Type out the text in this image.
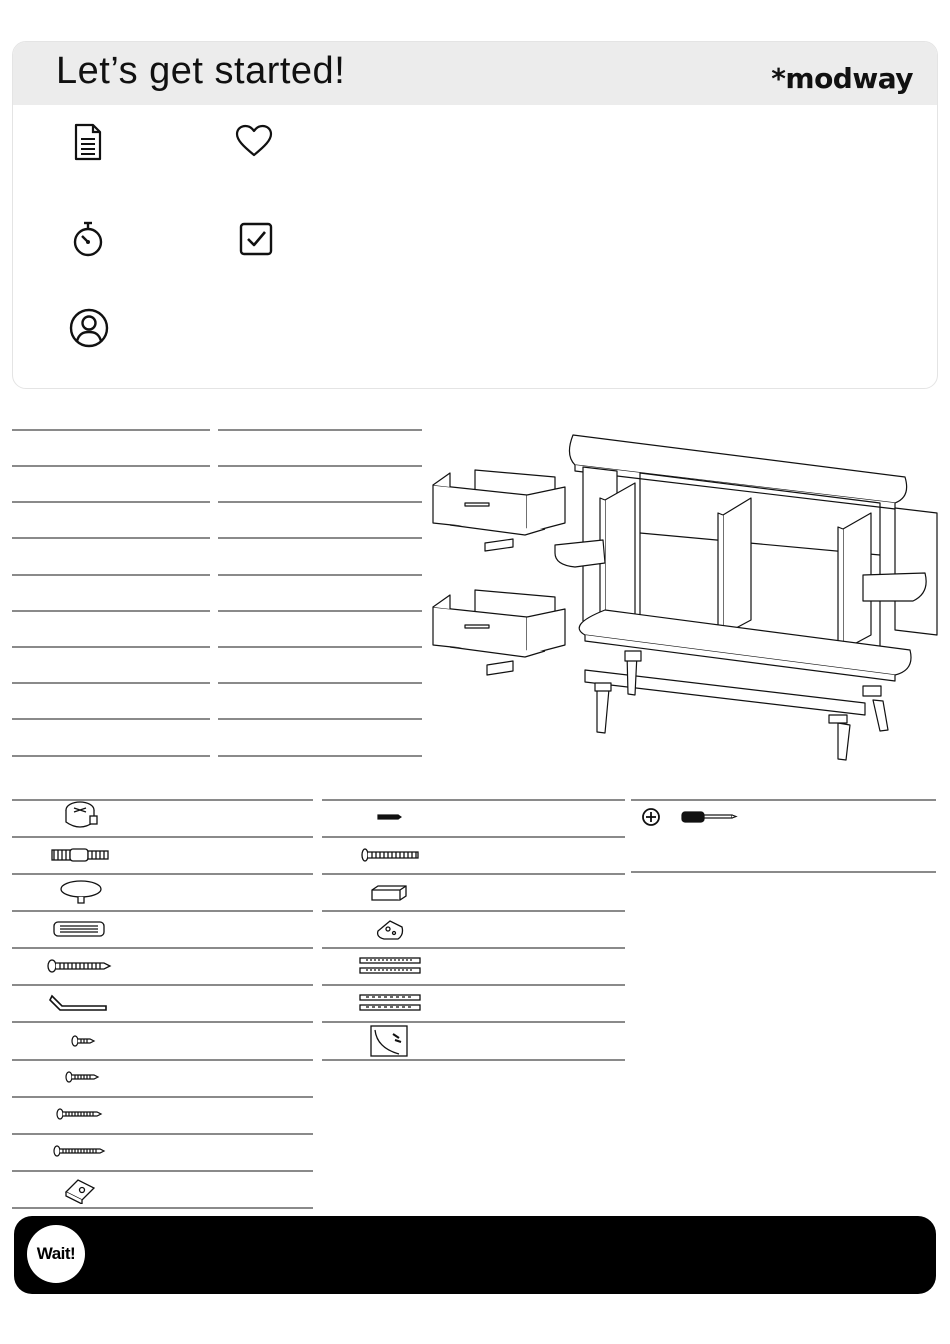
Let’s get started!	*modway
Wait!
